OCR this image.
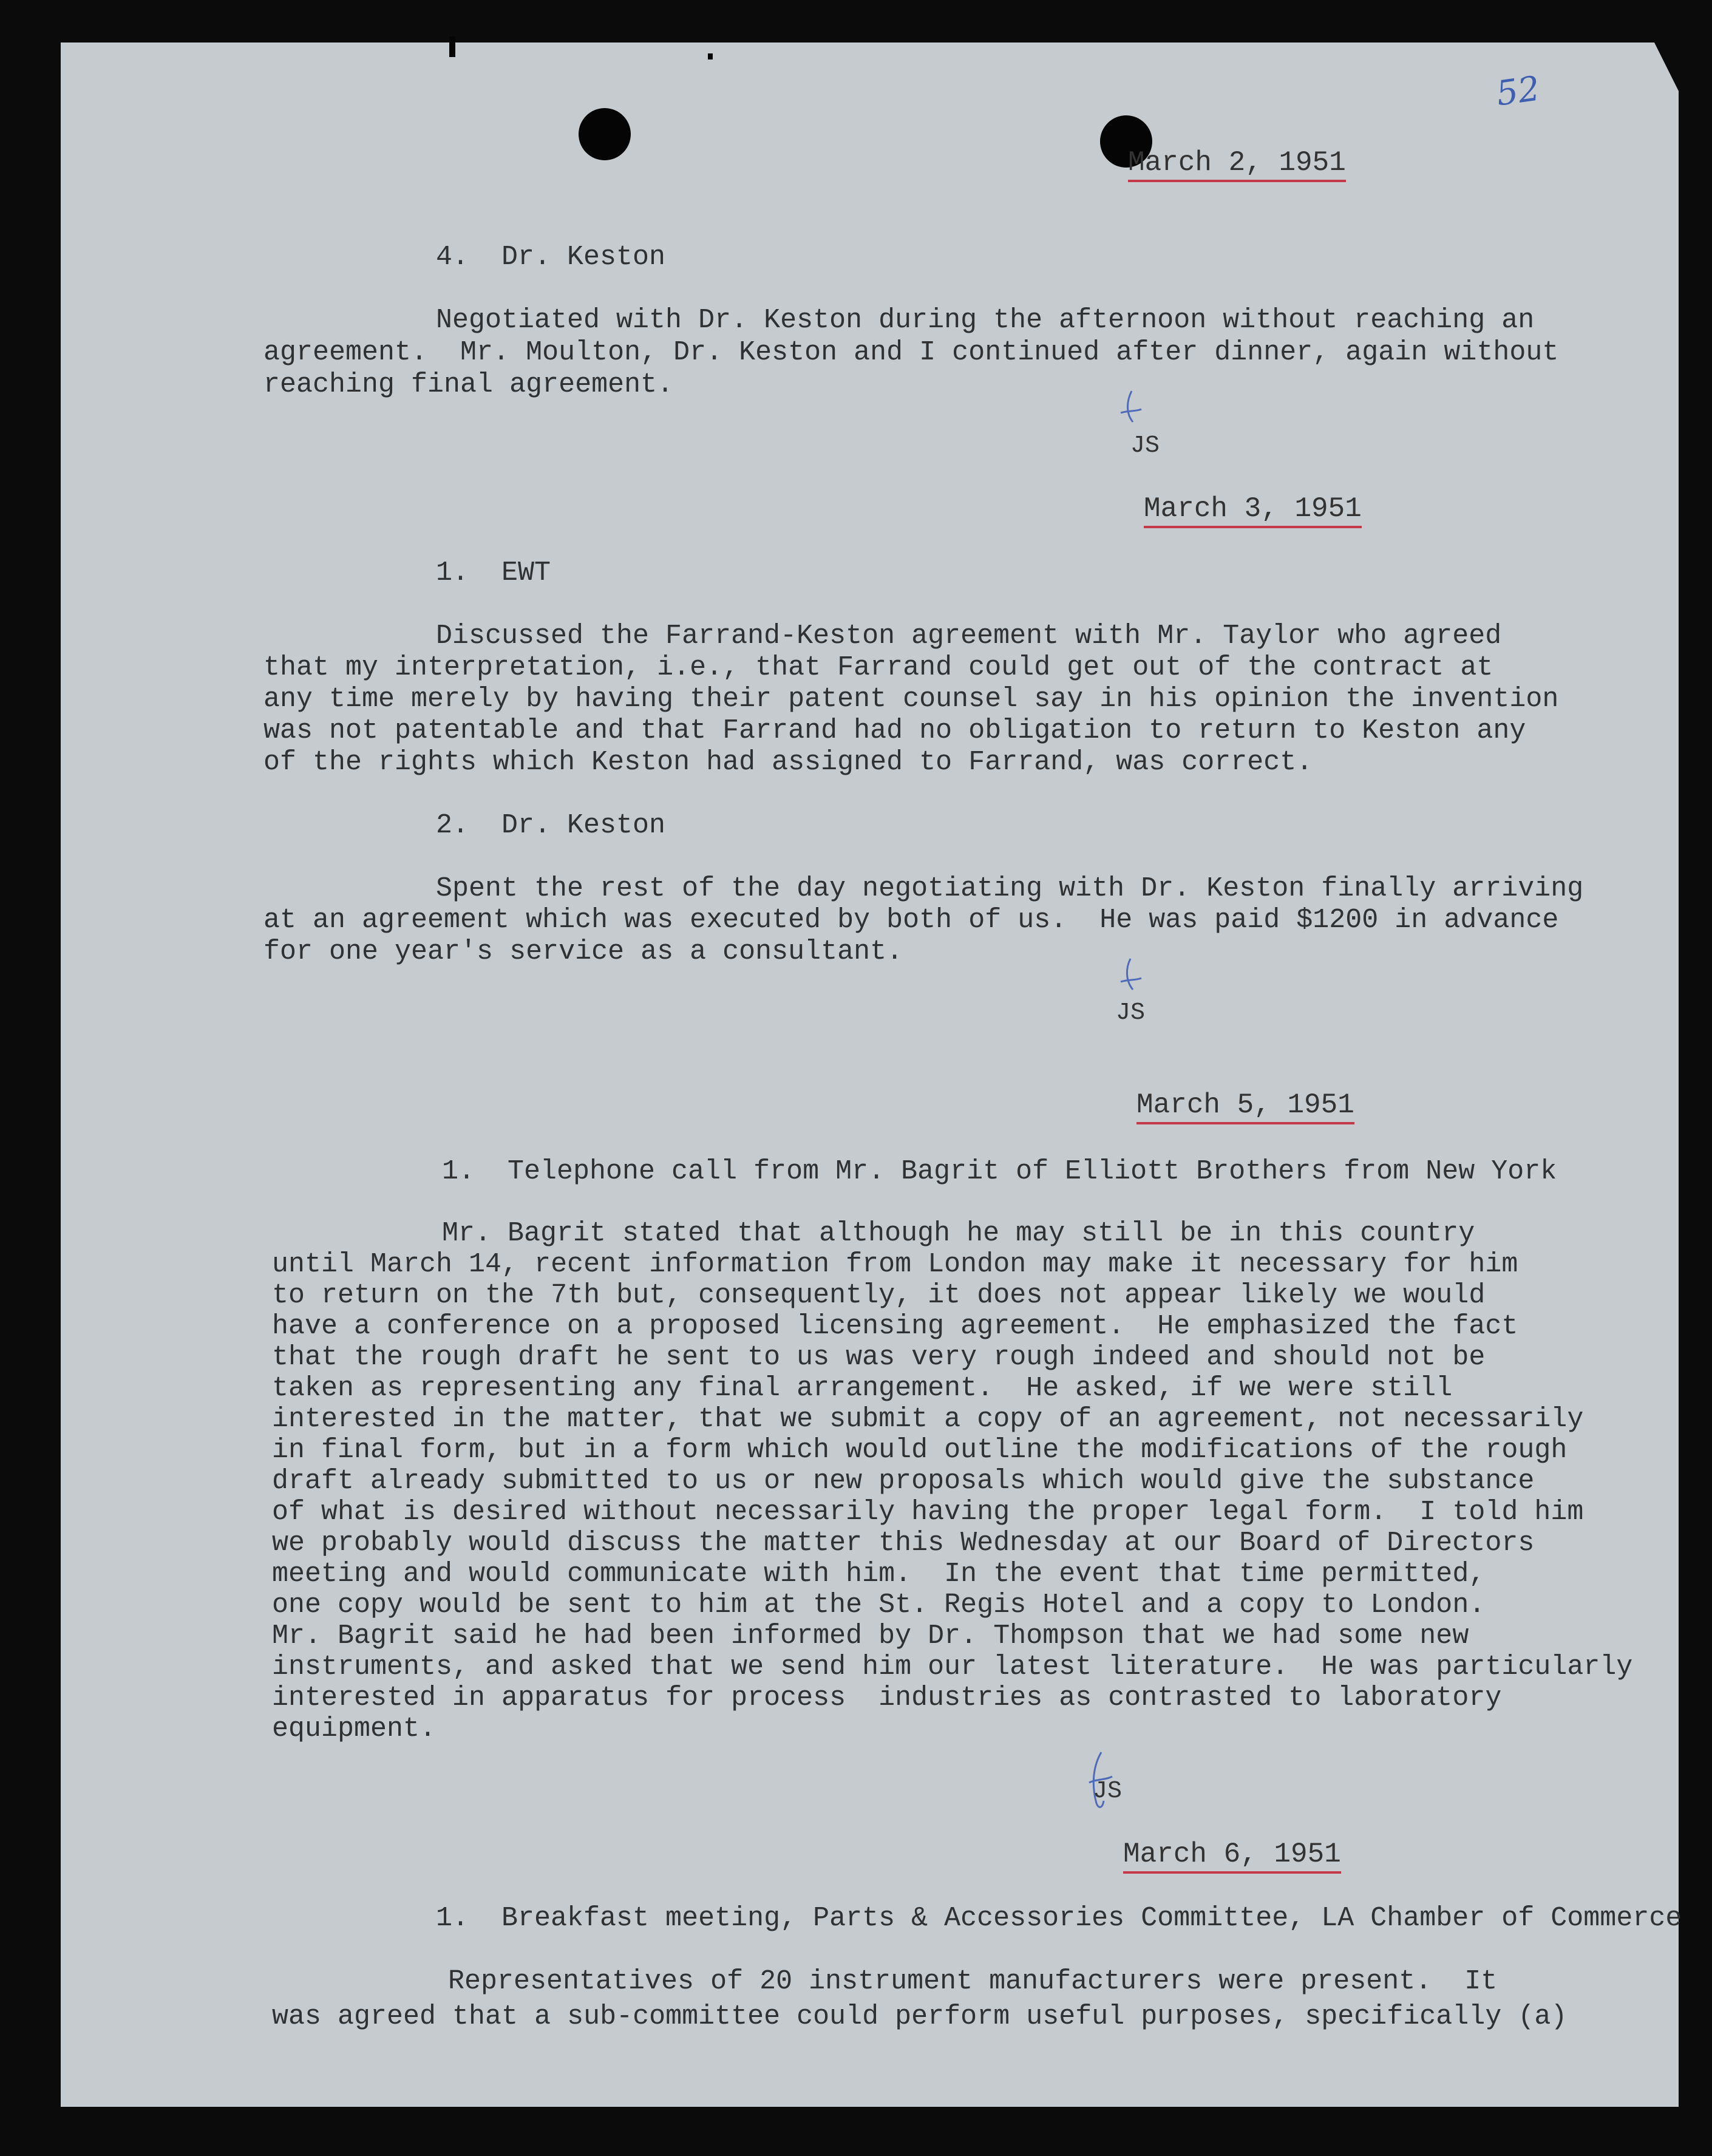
52
March 2, 1951
4.  Dr. Keston
Negotiated with Dr. Keston during the afternoon without reaching an
agreement.  Mr. Moulton, Dr. Keston and I continued after dinner, again without
reaching final agreement.
JS
March 3, 1951
1.  EWT
Discussed the Farrand-Keston agreement with Mr. Taylor who agreed
that my interpretation, i.e., that Farrand could get out of the contract at
any time merely by having their patent counsel say in his opinion the invention
was not patentable and that Farrand had no obligation to return to Keston any
of the rights which Keston had assigned to Farrand, was correct.
2.  Dr. Keston
Spent the rest of the day negotiating with Dr. Keston finally arriving
at an agreement which was executed by both of us.  He was paid $1200 in advance
for one year's service as a consultant.
JS
March 5, 1951
1.  Telephone call from Mr. Bagrit of Elliott Brothers from New York
Mr. Bagrit stated that although he may still be in this country
until March 14, recent information from London may make it necessary for him
to return on the 7th but, consequently, it does not appear likely we would
have a conference on a proposed licensing agreement.  He emphasized the fact
that the rough draft he sent to us was very rough indeed and should not be
taken as representing any final arrangement.  He asked, if we were still
interested in the matter, that we submit a copy of an agreement, not necessarily
in final form, but in a form which would outline the modifications of the rough
draft already submitted to us or new proposals which would give the substance
of what is desired without necessarily having the proper legal form.  I told him
we probably would discuss the matter this Wednesday at our Board of Directors
meeting and would communicate with him.  In the event that time permitted,
one copy would be sent to him at the St. Regis Hotel and a copy to London.
Mr. Bagrit said he had been informed by Dr. Thompson that we had some new
instruments, and asked that we send him our latest literature.  He was particularly
interested in apparatus for process  industries as contrasted to laboratory
equipment.
JS
March 6, 1951
1.  Breakfast meeting, Parts & Accessories Committee, LA Chamber of Commerce
Representatives of 20 instrument manufacturers were present.  It
was agreed that a sub-committee could perform useful purposes, specifically (a)
